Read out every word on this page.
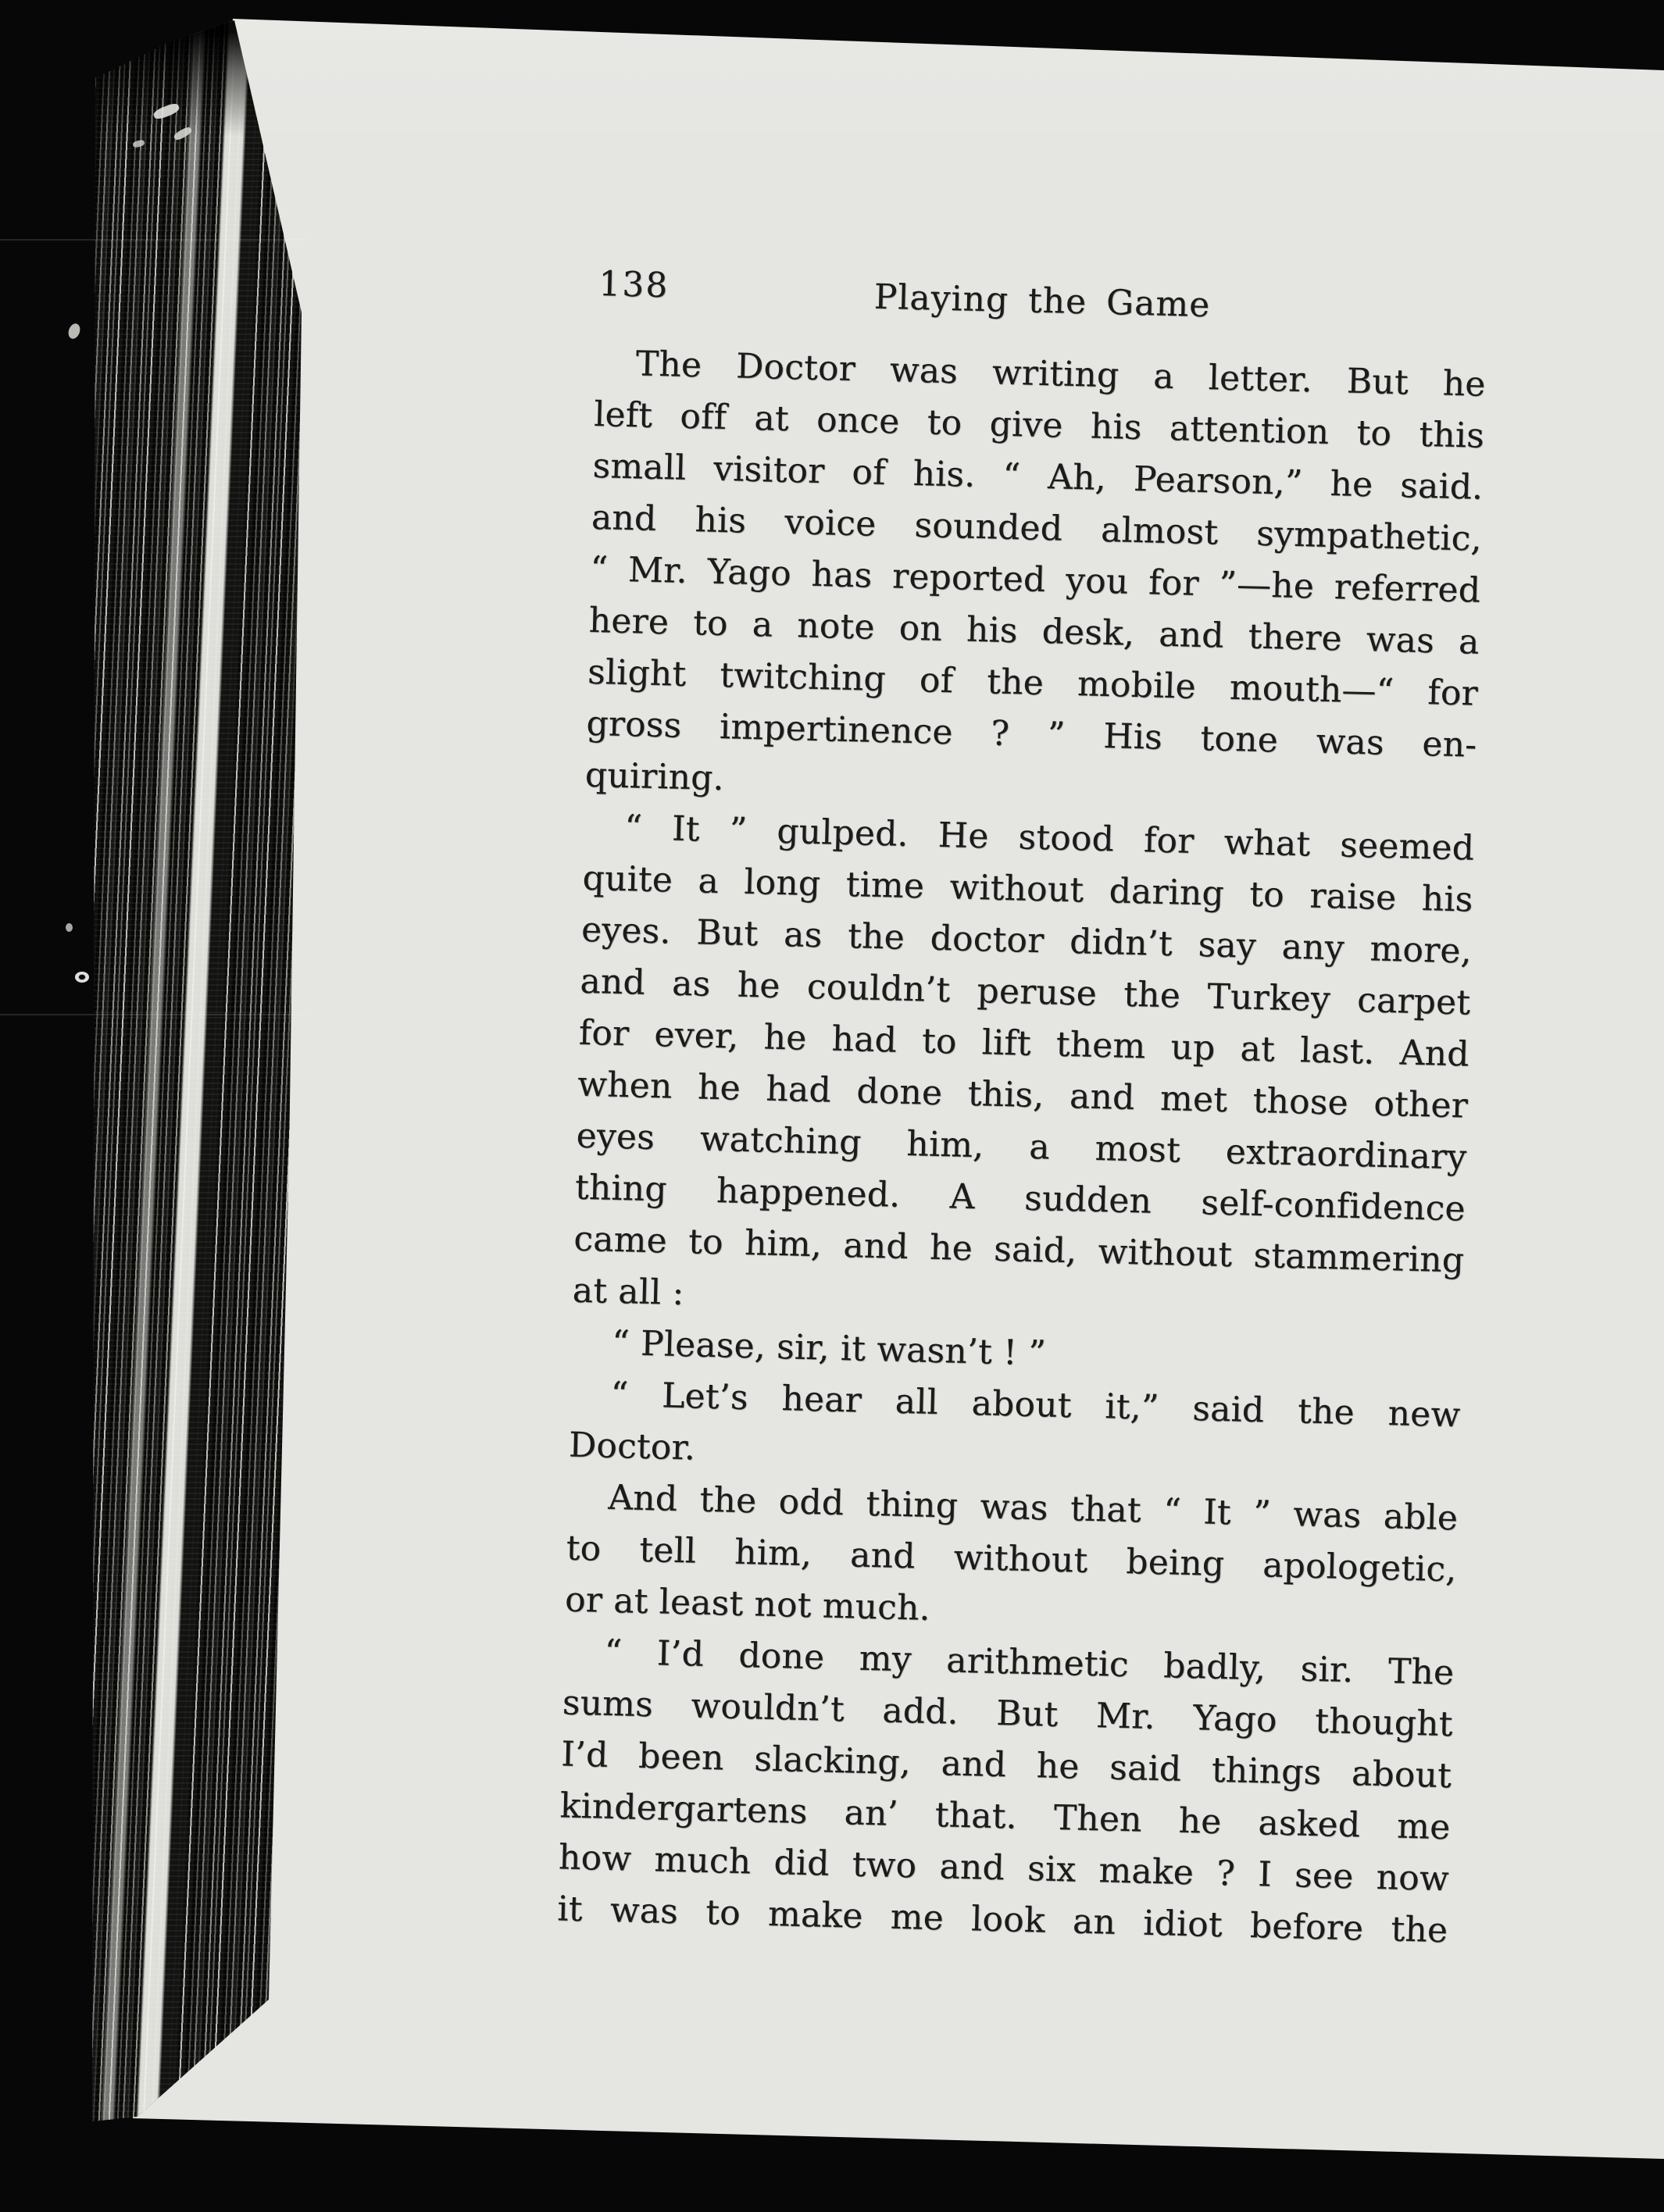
138	Playing the Game
The Doctor was writing a letter. But he
left off at once to give his attention to this
small visitor of his. “ Ah, Pearson,” he said.
and his voice sounded almost sympathetic,
“ Mr. Yago has reported you for ”—he referred
here to a note on his desk, and there was a
slight twitching of the mobile mouth—“ for
gross impertinence ? ” His tone was en-
quiring.
“ It ” gulped. He stood for what seemed
quite a long time without daring to raise his
eyes. But as the doctor didn’t say any more,
and as he couldn’t peruse the Turkey carpet
for ever, he had to lift them up at last. And
when he had done this, and met those other
eyes watching him, a most extraordinary
thing happened. A sudden self-confidence
came to him, and he said, without stammering
at all :
“ Please, sir, it wasn’t ! ”
“ Let’s hear all about it,” said the new
Doctor.
And the odd thing was that “ It ” was able
to tell him, and without being apologetic,
or at least not much.
“ I’d done my arithmetic badly, sir. The
sums wouldn’t add. But Mr. Yago thought
I’d been slacking, and he said things about
kindergartens an’ that. Then he asked me
how much did two and six make ? I see now
it was to make me look an idiot before the
